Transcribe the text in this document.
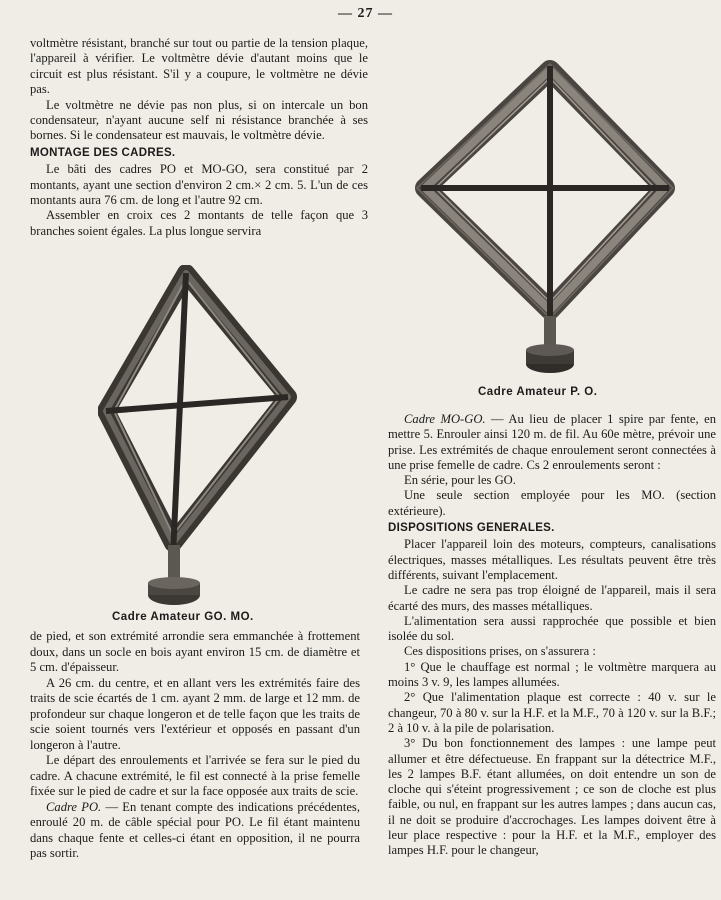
— 27 —

voltmètre résistant, branché sur tout ou partie de la tension plaque, l'appareil à vérifier. Le voltmètre dévie d'autant moins que le circuit est plus résistant. S'il y a coupure, le voltmètre ne dévie pas.

Le voltmètre ne dévie pas non plus, si on intercale un bon condensateur, n'ayant aucune self ni résistance branchée à ses bornes. Si le condensateur est mauvais, le voltmètre dévie.

MONTAGE DES CADRES.

Le bâti des cadres PO et MO-GO, sera constitué par 2 montants, ayant une section d'environ 2 cm.× 2 cm. 5. L'un de ces montants aura 76 cm. de long et l'autre 92 cm.

Assembler en croix ces 2 montants de telle façon que 3 branches soient égales. La plus longue servira

Cadre Amateur GO. MO.
Cadre Amateur P. O.

de pied, et son extrémité arrondie sera emmanchée à frottement doux, dans un socle en bois ayant environ 15 cm. de diamètre et 5 cm. d'épaisseur.

A 26 cm. du centre, et en allant vers les extrémités faire des traits de scie écartés de 1 cm. ayant 2 mm. de large et 12 mm. de profondeur sur chaque longeron et de telle façon que les traits de scie soient tournés vers l'extérieur et opposés en passant d'un longeron à l'autre.

Le départ des enroulements et l'arrivée se fera sur le pied du cadre. A chacune extrémité, le fil est connecté à la prise femelle fixée sur le pied de cadre et sur la face opposée aux traits de scie.

Cadre PO. — En tenant compte des indications précédentes, enroulé 20 m. de câble spécial pour PO. Le fil étant maintenu dans chaque fente et celles-ci étant en opposition, il ne pourra pas sortir.

Cadre MO-GO. — Au lieu de placer 1 spire par fente, en mettre 5. Enrouler ainsi 120 m. de fil. Au 60e mètre, prévoir une prise. Les extrémités de chaque enroulement seront connectées à une prise femelle de cadre. Cs 2 enroulements seront :

En série, pour les GO.

Une seule section employée pour les MO. (section extérieure).

DISPOSITIONS GENERALES.

Placer l'appareil loin des moteurs, compteurs, canalisations électriques, masses métalliques. Les résultats peuvent être très différents, suivant l'emplacement.

Le cadre ne sera pas trop éloigné de l'appareil, mais il sera écarté des murs, des masses métalliques.

L'alimentation sera aussi rapprochée que possible et bien isolée du sol.

Ces dispositions prises, on s'assurera :

1° Que le chauffage est normal ; le voltmètre marquera au moins 3 v. 9, les lampes allumées.

2° Que l'alimentation plaque est correcte : 40 v. sur le changeur, 70 à 80 v. sur la H.F. et la M.F., 70 à 120 v. sur la B.F.; 2 à 10 v. à la pile de polarisation.

3° Du bon fonctionnement des lampes : une lampe peut allumer et être défectueuse. En frappant sur la détectrice M.F., les 2 lampes B.F. étant allumées, on doit entendre un son de cloche qui s'éteint progressivement ; ce son de cloche est plus faible, ou nul, en frappant sur les autres lampes ; dans aucun cas, il ne doit se produire d'accrochages. Les lampes doivent être à leur place respective : pour la H.F. et la M.F., employer des lampes H.F. pour le changeur,
